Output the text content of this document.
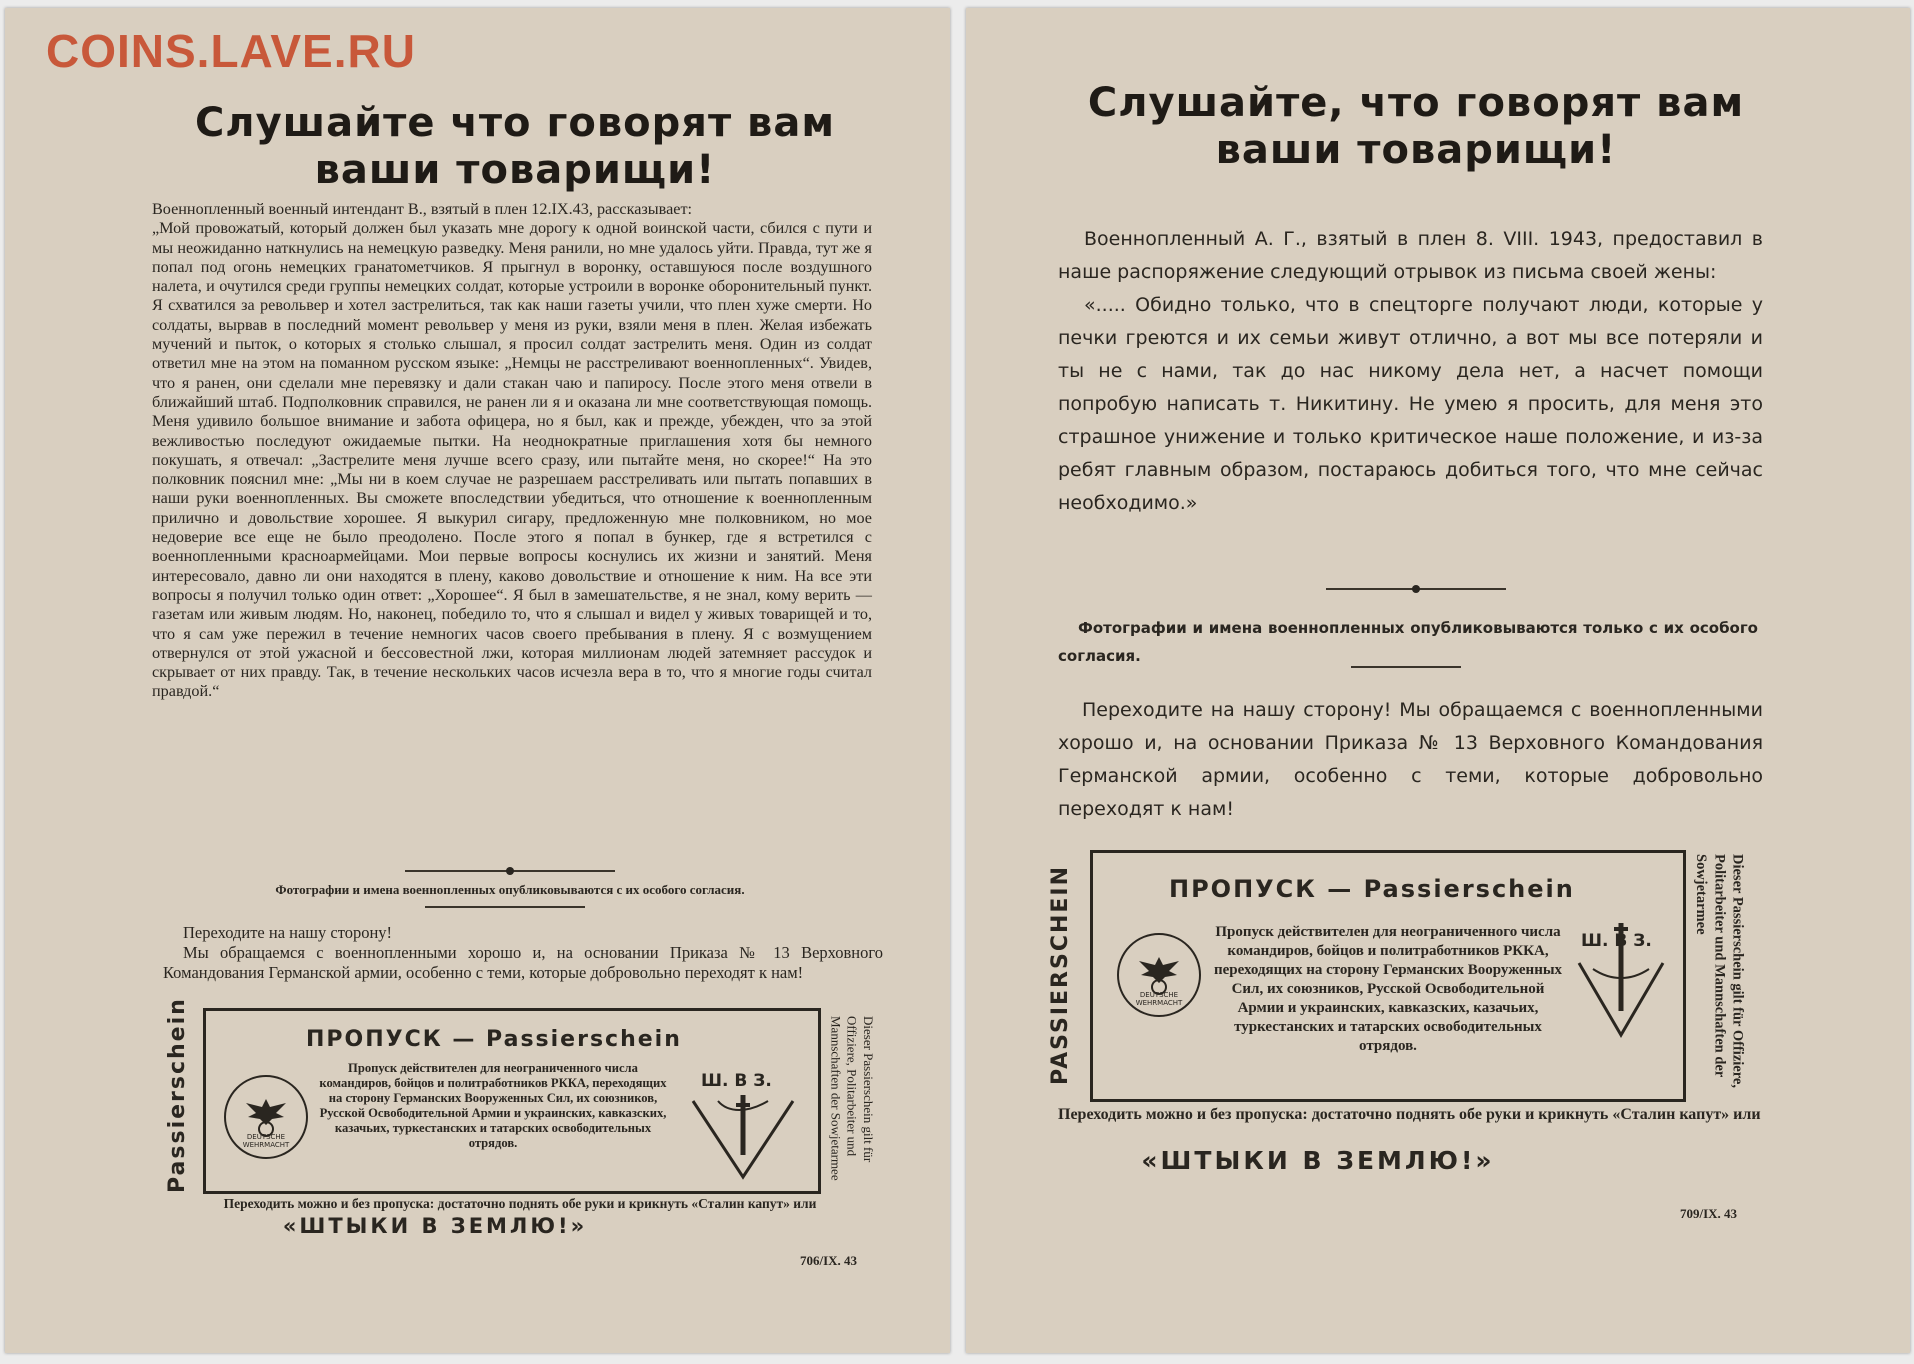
COINS.LAVE.RU

Слушайте что говорят вам

ваши товарищи!

Военнопленный военный интендант В., взятый в плен 12.IX.43, рассказывает:

„Мой провожатый, который должен был указать мне дорогу к одной воинской части, сбился с пути и мы неожиданно наткнулись на немецкую разведку. Меня ранили, но мне удалось уйти. Правда, тут же я попал под огонь немецких гранатометчиков. Я прыгнул в воронку, оставшуюся после воздушного налета, и очутился среди группы немецких солдат, которые устроили в воронке оборонительный пункт. Я схватился за револьвер и хотел застрелиться, так как наши газеты учили, что плен хуже смерти. Но солдаты, вырвав в последний момент револьвер у меня из руки, взяли меня в плен. Желая избежать мучений и пыток, о которых я столько слышал, я просил солдат застрелить меня. Один из солдат ответил мне на этом на поманном русском языке: „Немцы не расстреливают военнопленных“. Увидев, что я ранен, они сделали мне перевязку и дали стакан чаю и папиросу. После этого меня отвели в ближайший штаб. Подполковник справился, не ранен ли я и оказана ли мне соответствующая помощь. Меня удивило большое внимание и забота офицера, но я был, как и прежде, убежден, что за этой вежливостью последуют ожидаемые пытки. На неоднократные приглашения хотя бы немного покушать, я отвечал: „Застрелите меня лучше всего сразу, или пытайте меня, но скорее!“ На это полковник пояснил мне: „Мы ни в коем случае не разрешаем расстреливать или пытать попавших в наши руки военнопленных. Вы сможете впоследствии убедиться, что отношение к военнопленным прилично и довольствие хорошее. Я выкурил сигару, предложенную мне полковником, но мое недоверие все еще не было преодолено. После этого я попал в бункер, где я встретился с военнопленными красноармейцами. Мои первые вопросы коснулись их жизни и занятий. Меня интересовало, давно ли они находятся в плену, каково довольствие и отношение к ним. На все эти вопросы я получил только один ответ: „Хорошее“. Я был в замешательстве, я не знал, кому верить — газетам или живым людям. Но, наконец, победило то, что я слышал и видел у живых товарищей и то, что я сам уже пережил в течение немногих часов своего пребывания в плену. Я с возмущением отвернулся от этой ужасной и бессовестной лжи, которая миллионам людей затемняет рассудок и скрывает от них правду. Так, в течение нескольких часов исчезла вера в то, что я многие годы считал правдой.“

Фотографии и имена военнопленных опубликовываются с их особого согласия.

Переходите на нашу сторону!

Мы обращаемся с военнопленными хорошо и, на основании Приказа № 13 Верховного Командования Германской армии, особенно с теми, которые добровольно переходят к нам!

Passierschein	ПРОПУСК — Passierschein
DEUTSCHE WEHRMACHT
Пропуск действителен для неограниченного числа командиров, бойцов и политработников РККА, переходящих на сторону Германских Вооруженных Сил, их союзников, Русской Освободительной Армии и украинских, кавказских, казачьих, туркестанских и татарских освободительных отрядов.
Ш. В З.	Dieser Passierschein gilt für Offiziere, Politarbeiter und Mannschaften der Sowjetarmee
Переходить можно и без пропуска: достаточно поднять обе руки и крикнуть «Сталин капут» или
«ШТЫКИ В ЗЕМЛЮ!»
706/IX. 43

Слушайте, что говорят вам

ваши товарищи!

Военнопленный А. Г., взятый в плен 8. VIII. 1943, предоставил в наше распоряжение следующий отрывок из письма своей жены:

«..... Обидно только, что в спецторге получают люди, которые у печки греются и их семьи живут отлично, а вот мы все потеряли и ты не с нами, так до нас никому дела нет, а насчет помощи попробую написать т. Никитину. Не умею я просить, для меня это страшное унижение и только критическое наше положение, и из-за ребят главным образом, постараюсь добиться того, что мне сейчас необходимо.»

Фотографии и имена военнопленных опубликовываются только с их особого согласия.
Переходите на нашу сторону! Мы обращаемся с военнопленными хорошо и, на основании Приказа № 13 Верховного Командования Германской армии, особенно с теми, которые добровольно переходят к нам!
PASSIERSCHEIN	ПРОПУСК — Passierschein
DEUTSCHE WEHRMACHT
Пропуск действителен для неограниченного числа командиров, бойцов и политработников РККА, переходящих на сторону Германских Вооруженных Сил, их союзников, Русской Освободительной Армии и украинских, кавказских, казачьих, туркестанских и татарских освободительных отрядов.
Ш. В З.	Dieser Passierschein gilt für Offiziere, Politarbeiter und Mannschaften der Sowjetarmee
Переходить можно и без пропуска: достаточно поднять обе руки и крикнуть «Сталин капут» или
«ШТЫКИ В ЗЕМЛЮ!»
709/IX. 43
